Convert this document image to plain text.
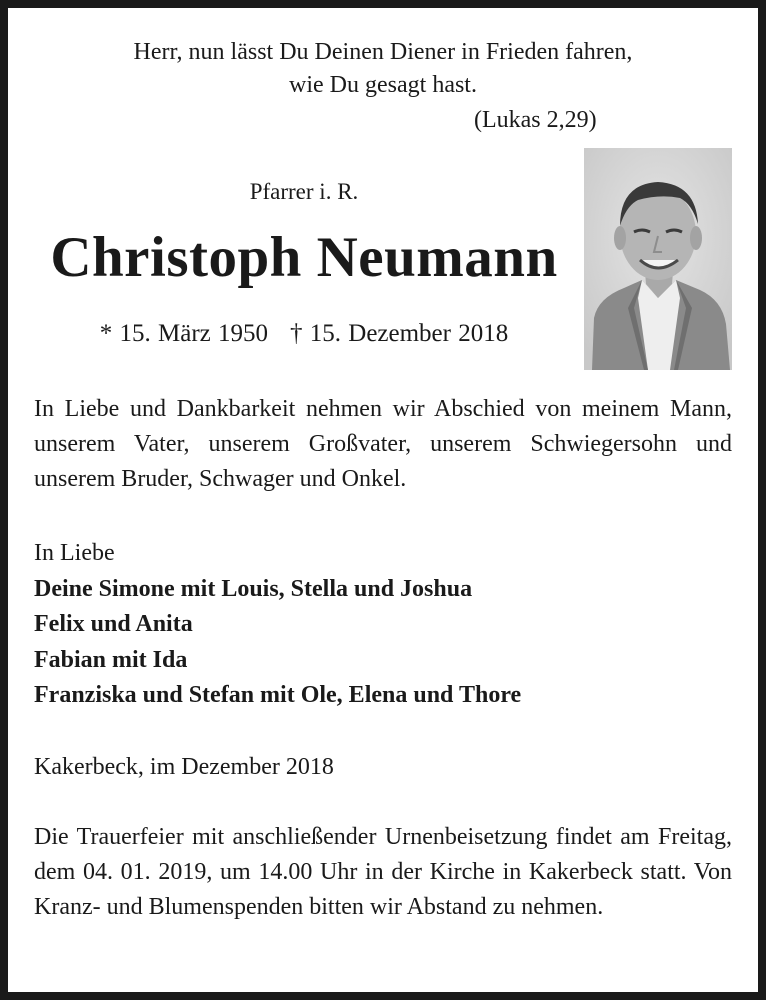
Herr, nun lässt Du Deinen Diener in Frieden fahren,
wie Du gesagt hast.
(Lukas 2,29)
Pfarrer i. R.
Christoph Neumann
* 15. März 1950 † 15. Dezember 2018

In Liebe und Dankbarkeit nehmen wir Abschied von meinem Mann, unserem Vater, unserem Großvater, unserem Schwiegersohn und unserem Bruder, Schwager und Onkel.

In Liebe
Deine Simone mit Louis, Stella und Joshua
Felix und Anita
Fabian mit Ida
Franziska und Stefan mit Ole, Elena und Thore
Kakerbeck, im Dezember 2018

Die Trauerfeier mit anschließender Urnenbeisetzung findet am Freitag, dem 04. 01. 2019, um 14.00 Uhr in der Kirche in Kakerbeck statt. Von Kranz- und Blumenspenden bitten wir Abstand zu nehmen.
